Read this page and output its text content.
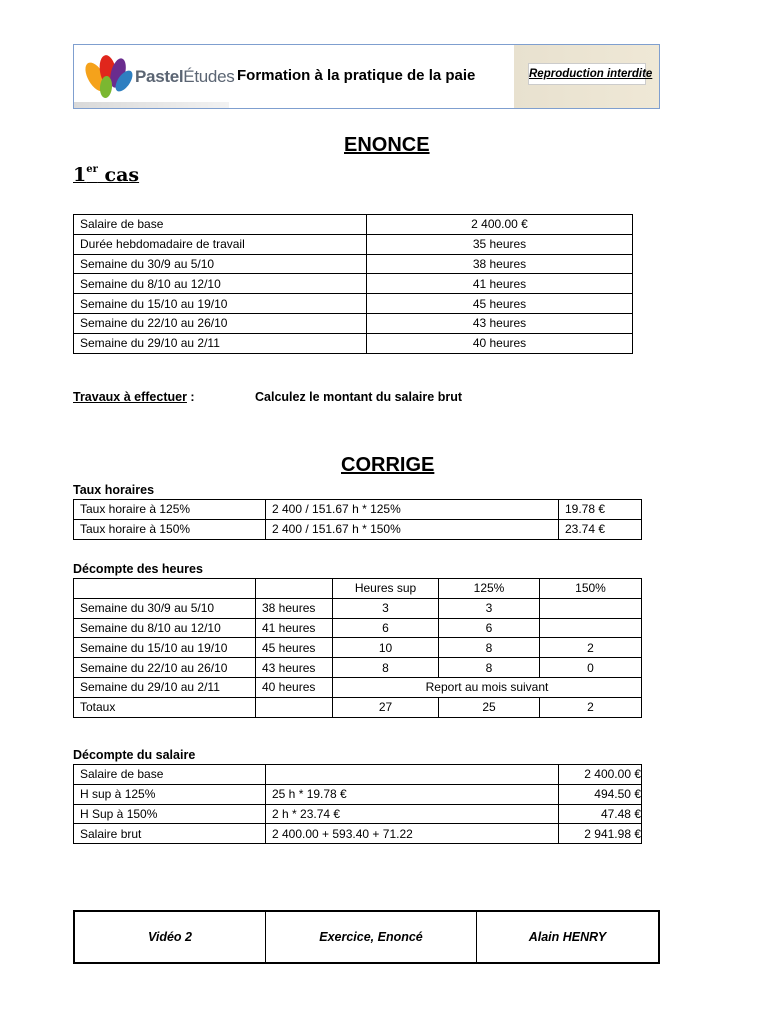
PastelÉtudes Formation à la pratique de la paie	Reproduction interdite
ENONCE
1er cas
Salaire de base	2 400.00 €
Durée hebdomadaire de travail	35 heures
Semaine du 30/9 au 5/10	38 heures
Semaine du 8/10 au 12/10	41 heures
Semaine du 15/10 au 19/10	45 heures
Semaine du 22/10 au 26/10	43 heures
Semaine du 29/10 au 2/11	40 heures
Travaux à effectuer :	Calculez le montant du salaire brut
CORRIGE
Taux horaires
Taux horaire à 125%	2 400 / 151.67 h * 125%	19.78 €
Taux horaire à 150%	2 400 / 151.67 h * 150%	23.74 €
Décompte des heures
		Heures sup	125%	150%
Semaine du 30/9 au 5/10	38 heures	3	3	
Semaine du 8/10 au 12/10	41 heures	6	6	
Semaine du 15/10 au 19/10	45 heures	10	8	2
Semaine du 22/10 au 26/10	43 heures	8	8	0
Semaine du 29/10 au 2/11	40 heures	Report au mois suivant		
Totaux		27	25	2
Décompte du salaire
Salaire de base		2 400.00 €
H sup à 125%	25 h * 19.78 €	494.50 €
H Sup à 150%	2 h * 23.74 €	47.48 €
Salaire brut	2 400.00 + 593.40 + 71.22	2 941.98 €
Vidéo 2	Exercice, Enoncé	Alain HENRY
